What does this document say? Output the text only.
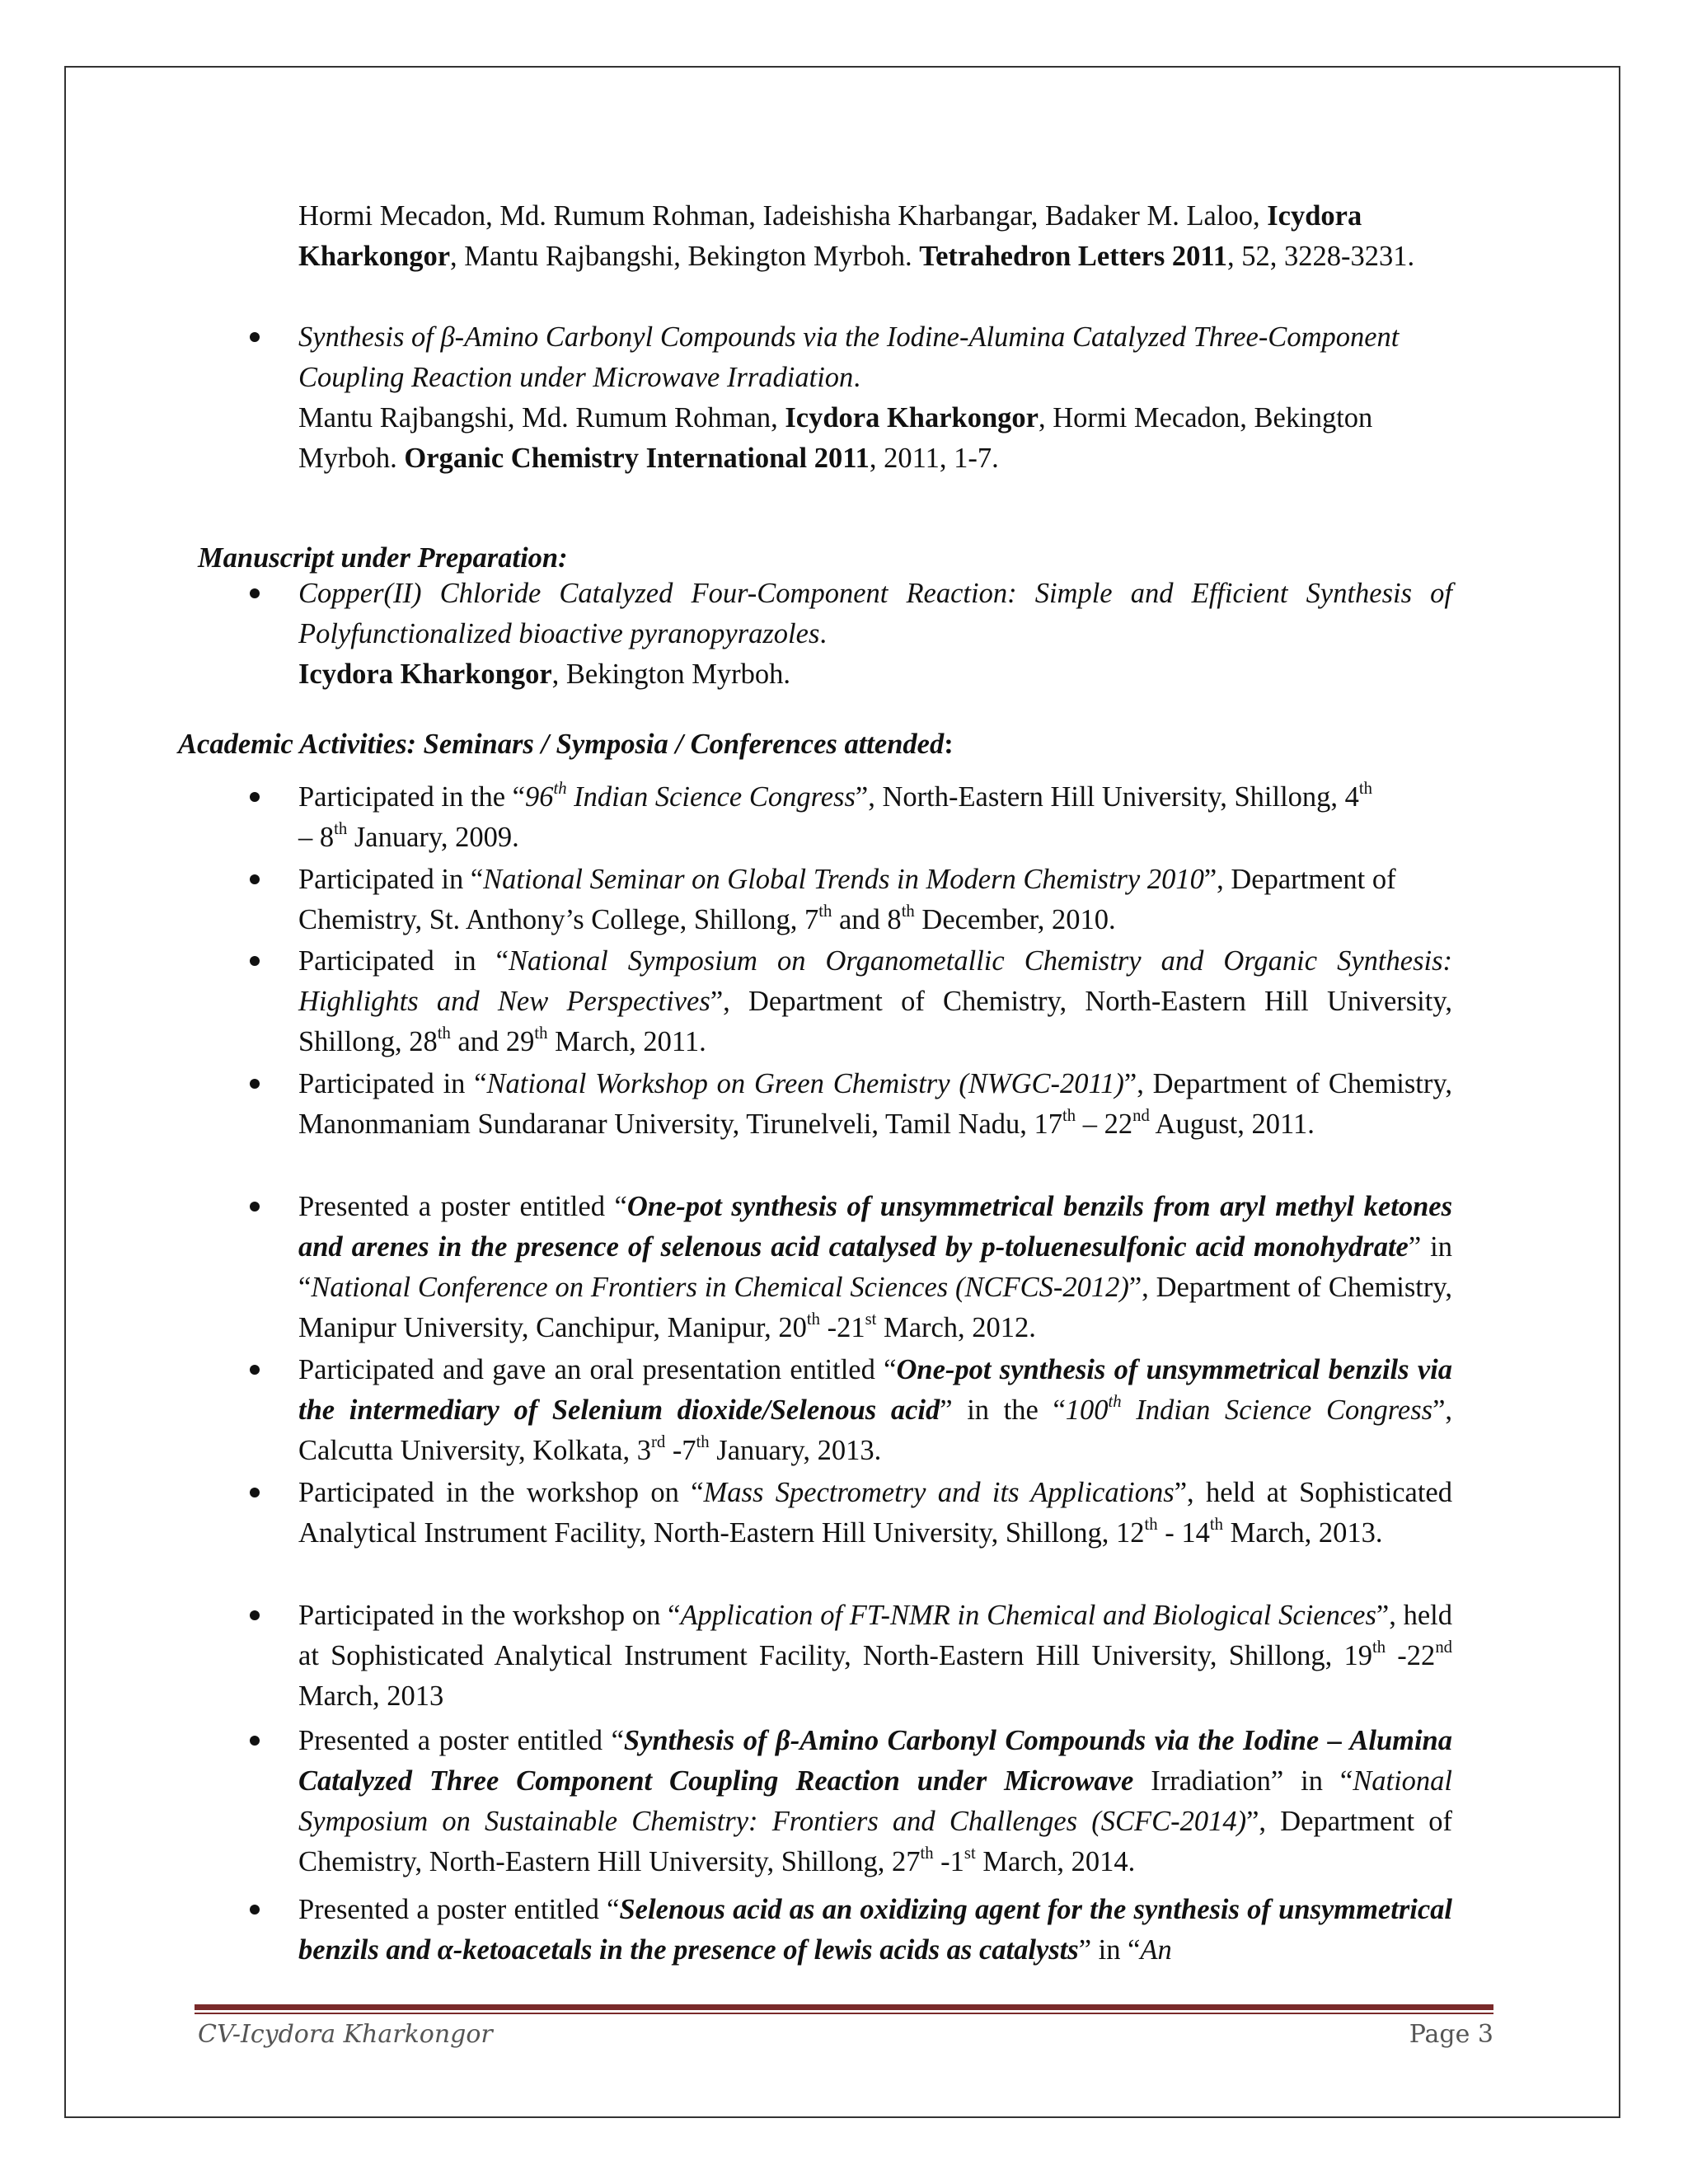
Hormi Mecadon, Md. Rumum Rohman, Iadeishisha Kharbangar, Badaker M. Laloo, Icydora Kharkongor, Mantu Rajbangshi, Bekington Myrboh. Tetrahedron Letters 2011, 52, 3228-3231.
Synthesis of β-Amino Carbonyl Compounds via the Iodine-Alumina Catalyzed Three-Component Coupling Reaction under Microwave Irradiation.
Mantu Rajbangshi, Md. Rumum Rohman, Icydora Kharkongor, Hormi Mecadon, Bekington Myrboh. Organic Chemistry International 2011, 2011, 1-7.
Manuscript under Preparation:
Copper(II) Chloride Catalyzed Four-Component Reaction: Simple and Efficient Synthesis of Polyfunctionalized bioactive pyranopyrazoles.
Icydora Kharkongor, Bekington Myrboh.
Academic Activities: Seminars / Symposia / Conferences attended:
Participated in the “96th Indian Science Congress”, North-Eastern Hill University, Shillong, 4th
– 8th January, 2009.
Participated in “National Seminar on Global Trends in Modern Chemistry 2010”, Department of Chemistry, St. Anthony’s College, Shillong, 7th and 8th December, 2010.
Participated in “National Symposium on Organometallic Chemistry and Organic Synthesis: Highlights and New Perspectives”, Department of Chemistry, North-Eastern Hill University, Shillong, 28th and 29th March, 2011.
Participated in “National Workshop on Green Chemistry (NWGC-2011)”, Department of Chemistry, Manonmaniam Sundaranar University, Tirunelveli, Tamil Nadu, 17th – 22nd August, 2011.
Presented a poster entitled “One-pot synthesis of unsymmetrical benzils from aryl methyl ketones and arenes in the presence of selenous acid catalysed by p-toluenesulfonic acid monohydrate” in “National Conference on Frontiers in Chemical Sciences (NCFCS-2012)”, Department of Chemistry, Manipur University, Canchipur, Manipur, 20th -21st March, 2012.
Participated and gave an oral presentation entitled “One-pot synthesis of unsymmetrical benzils via the intermediary of Selenium dioxide/Selenous acid” in the “100th Indian Science Congress”, Calcutta University, Kolkata, 3rd -7th January, 2013.
Participated in the workshop on “Mass Spectrometry and its Applications”, held at Sophisticated Analytical Instrument Facility, North-Eastern Hill University, Shillong, 12th - 14th March, 2013.
Participated in the workshop on “Application of FT-NMR in Chemical and Biological Sciences”, held at Sophisticated Analytical Instrument Facility, North-Eastern Hill University, Shillong, 19th -22nd March, 2013
Presented a poster entitled “Synthesis of β-Amino Carbonyl Compounds via the Iodine – Alumina Catalyzed Three Component Coupling Reaction under Microwave Irradiation” in “National Symposium on Sustainable Chemistry: Frontiers and Challenges (SCFC-2014)”, Department of Chemistry, North-Eastern Hill University, Shillong, 27th -1st March, 2014.
Presented a poster entitled “Selenous acid as an oxidizing agent for the synthesis of unsymmetrical benzils and α-ketoacetals in the presence of lewis acids as catalysts” in “An
CV-Icydora Kharkongor	Page 3
